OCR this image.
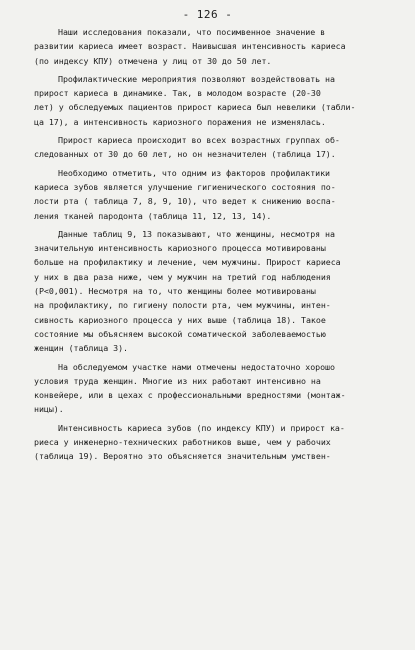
- 126 -
Наши исследования показали, что посимвенное значение в
развитии кариеса имеет возраст. Наивысшая интенсивность кариеса
(по индексу КПУ) отмечена у лиц от 30 до 50 лет.
Профилактические мероприятия позволяют воздействовать на
прирост кариеса в динамике. Так, в молодом возрасте (20-30
лет) у обследуемых пациентов прирост кариеса был невелики (табли-
ца 17), а интенсивность кариозного поражения не изменялась.
Прирост кариеса происходит во всех возрастных группах об-
следованных от 30 до 60 лет, но он незначителен (таблица 17).
Необходимо отметить, что одним из факторов профилактики
кариеса зубов является улучшение гигиенического состояния по-
лости рта ( таблица 7, 8, 9, 10), что ведет к снижению воспа-
ления тканей пародонта (таблица 11, 12, 13, 14).
Данные таблиц 9, 13 показывают, что женщины, несмотря на
значительную интенсивность кариозного процесса мотивированы
больше на профилактику и лечение, чем мужчины. Прирост кариеса
у них в два раза ниже, чем у мужчин на третий год наблюдения
(Р<0,001). Несмотря на то, что женщины более мотивированы
на профилактику, по гигиену полости рта, чем мужчины, интен-
сивность кариозного процесса у них выше (таблица 18). Такое
состояние мы объясняем высокой соматической заболеваемостью
женщин (таблица 3).
На обследуемом участке нами отмечены недостаточно хорошо
условия труда женщин. Многие из них работают интенсивно на
конвейере, или в цехах с профессиональными вредностями (монтаж-
ницы).
Интенсивность кариеса зубов (по индексу КПУ) и прирост ка-
риеса у инженерно-технических работников выше, чем у рабочих
(таблица 19). Вероятно это объясняется значительным умствен-
